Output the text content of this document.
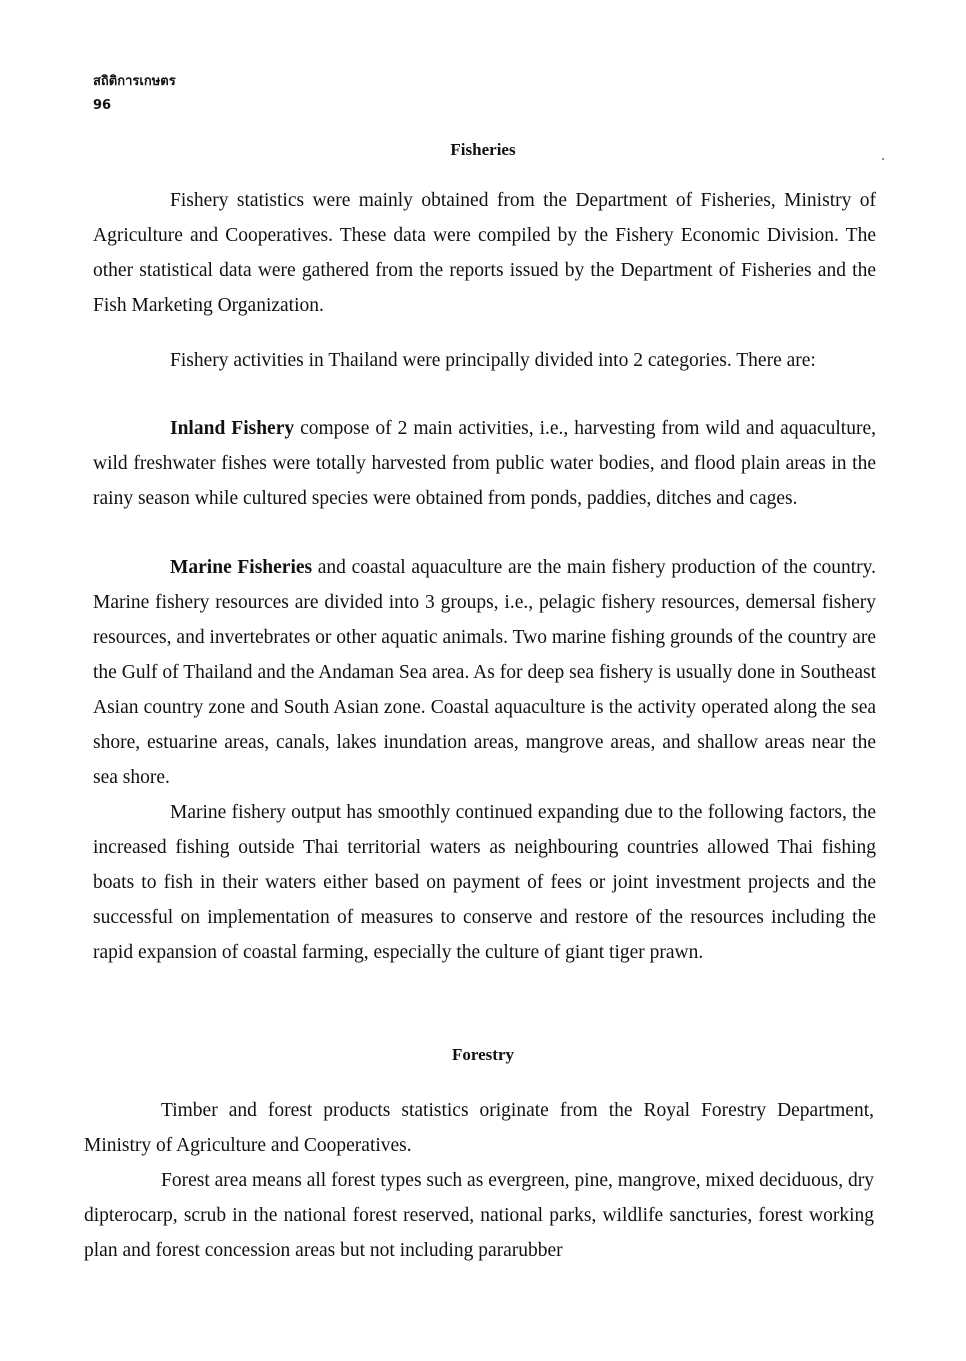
สถิติการเกษตร
96
Fisheries

Fishery statistics were mainly obtained from the Department of Fisheries, Ministry of Agriculture and Cooperatives. These data were compiled by the Fishery Economic Division. The other statistical data were gathered from the reports issued by the Department of Fisheries and the Fish Marketing Organization.

Fishery activities in Thailand were principally divided into 2 categories. There are:

Inland Fishery compose of 2 main activities, i.e., harvesting from wild and aquaculture, wild freshwater fishes were totally harvested from public water bodies, and flood plain areas in the rainy season while cultured species were obtained from ponds, paddies, ditches and cages.

Marine Fisheries and coastal aquaculture are the main fishery production of the country. Marine fishery resources are divided into 3 groups, i.e., pelagic fishery resources, demersal fishery resources, and invertebrates or other aquatic animals. Two marine fishing grounds of the country are the Gulf of Thailand and the Andaman Sea area. As for deep sea fishery is usually done in Southeast Asian country zone and South Asian zone. Coastal aquaculture is the activity operated along the sea shore, estuarine areas, canals, lakes inundation areas, mangrove areas, and shallow areas near the sea shore.

Marine fishery output has smoothly continued expanding due to the following factors, the increased fishing outside Thai territorial waters as neighbouring countries allowed Thai fishing boats to fish in their waters either based on payment of fees or joint investment projects and the successful on implementation of measures to conserve and restore of the resources including the rapid expansion of coastal farming, especially the culture of giant tiger prawn.

Forestry

Timber and forest products statistics originate from the Royal Forestry Department, Ministry of Agriculture and Cooperatives.

Forest area means all forest types such as evergreen, pine, mangrove, mixed deciduous, dry dipterocarp, scrub in the national forest reserved, national parks, wildlife sancturies, forest working plan and forest concession areas but not including pararubber
